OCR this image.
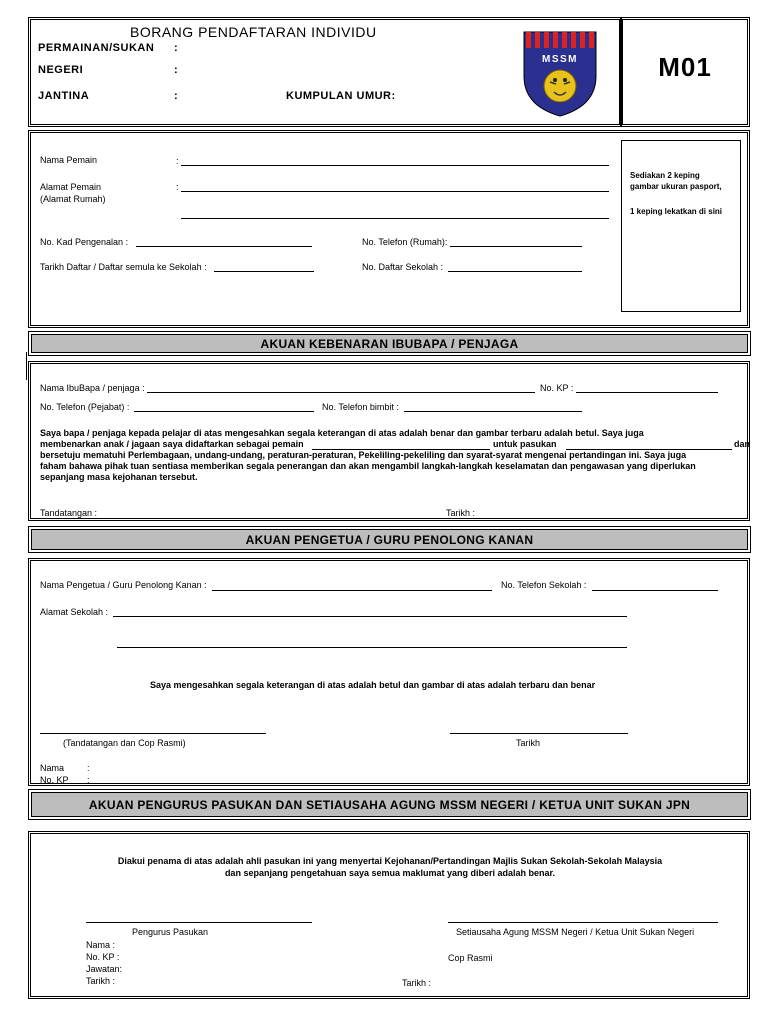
M01
BORANG PENDAFTARAN INDIVIDU
PERMAINAN/SUKAN :
NEGERI	:
JANTINA	:	KUMPULAN UMUR:
MSSM
Sediakan 2 keping
gambar ukuran pasport,
1 keping lekatkan di sini
Nama Pemain	:
Alamat Pemain
(Alamat Rumah)
:
No. Kad Pengenalan :	No. Telefon (Rumah):
Tarikh Daftar / Daftar semula ke Sekolah :	No. Daftar Sekolah :
AKUAN KEBENARAN IBUBAPA / PENJAGA
Nama IbuBapa / penjaga :	No. KP :
No. Telefon (Pejabat) :	No. Telefon bimbit :
Saya bapa / penjaga kepada pelajar di atas mengesahkan segala keterangan di atas adalah benar dan gambar terbaru adalah betul. Saya juga
membenarkan anak / jagaan saya didaftarkan sebagai pemain	untuk pasukan	dan
bersetuju mematuhi Perlembagaan, undang-undang, peraturan-peraturan, Pekeliling-pekeliling dan syarat-syarat mengenai pertandingan ini. Saya juga
faham bahawa pihak tuan sentiasa memberikan segala penerangan dan akan mengambil langkah-langkah keselamatan dan pengawasan yang diperlukan
sepanjang masa kejohanan tersebut.
Tandatangan :	Tarikh :
AKUAN PENGETUA / GURU PENOLONG KANAN
Nama Pengetua / Guru Penolong Kanan :	No. Telefon Sekolah :
Alamat Sekolah :
Saya mengesahkan segala keterangan di atas adalah betul dan gambar di atas adalah terbaru dan benar
(Tandatangan dan Cop Rasmi)	Tarikh
Nama	:
No. KP :
AKUAN PENGURUS PASUKAN DAN SETIAUSAHA AGUNG MSSM NEGERI / KETUA UNIT SUKAN JPN
Diakui penama di atas adalah ahli pasukan ini yang menyertai Kejohanan/Pertandingan Majlis Sukan Sekolah-Sekolah Malaysia
dan sepanjang pengetahuan saya semua maklumat yang diberi adalah benar.
Pengurus Pasukan	Setiausaha Agung MSSM Negeri / Ketua Unit Sukan Negeri
Nama :
No. KP :
Jawatan:
Tarikh :
Cop Rasmi
Tarikh :
